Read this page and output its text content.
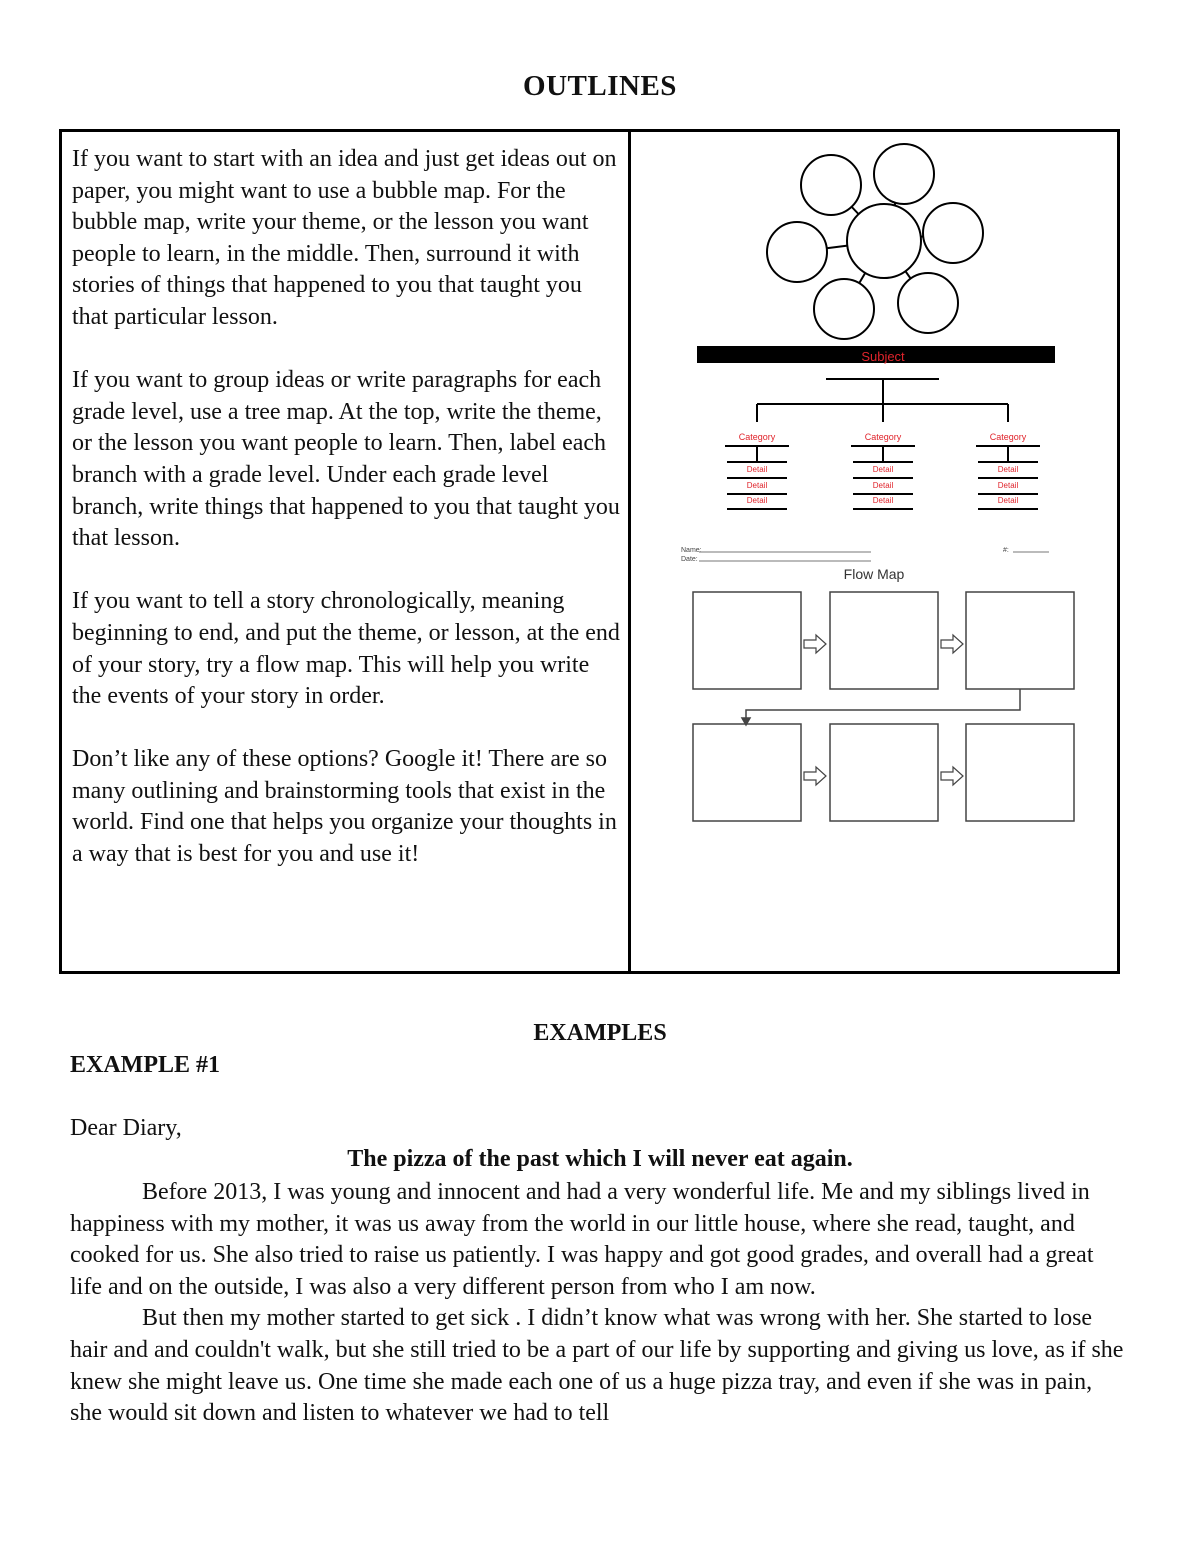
OUTLINES

If you want to start with an idea and just get ideas out on paper, you might want to use a bubble map. For the bubble map, write your theme, or the lesson you want people to learn, in the middle. Then, surround it with stories of things that happened to you that taught you that particular lesson.

If you want to group ideas or write paragraphs for each grade level, use a tree map. At the top, write the theme, or the lesson you want people to learn. Then, label each branch with a grade level. Under each grade level branch, write things that happened to you that taught you that lesson.

If you want to tell a story chronologically, meaning beginning to end, and put the theme, or lesson, at the end of your story, try a flow map. This will help you write the events of your story in order.

Don’t like any of these options? Google it! There are so many outlining and brainstorming tools that exist in the world. Find one that helps you organize your thoughts in a way that is best for you and use it!

Subject
Category
Detail
Detail
Detail
Category
Detail
Detail
Detail
Category
Detail
Detail
Detail
Name:
Date:
#:
Flow Map
EXAMPLES
EXAMPLE #1
Dear Diary,
The pizza of the past which I will never eat again.

Before 2013, I was young and innocent and had a very wonderful life. Me and my siblings lived in happiness with my mother, it was us away from the world in our little house, where she read, taught, and cooked for us. She also tried to raise us patiently. I was happy and got good grades, and overall had a great life and on the outside, I was also a very different person from who I am now.

But then my mother started to get sick . I didn’t know what was wrong with her. She started to lose hair and and couldn't walk, but she still tried to be a part of our life by supporting and giving us love, as if she knew she might leave us. One time she made each one of us a huge pizza tray, and even if she was in pain, she would sit down and listen to whatever we had to tell
